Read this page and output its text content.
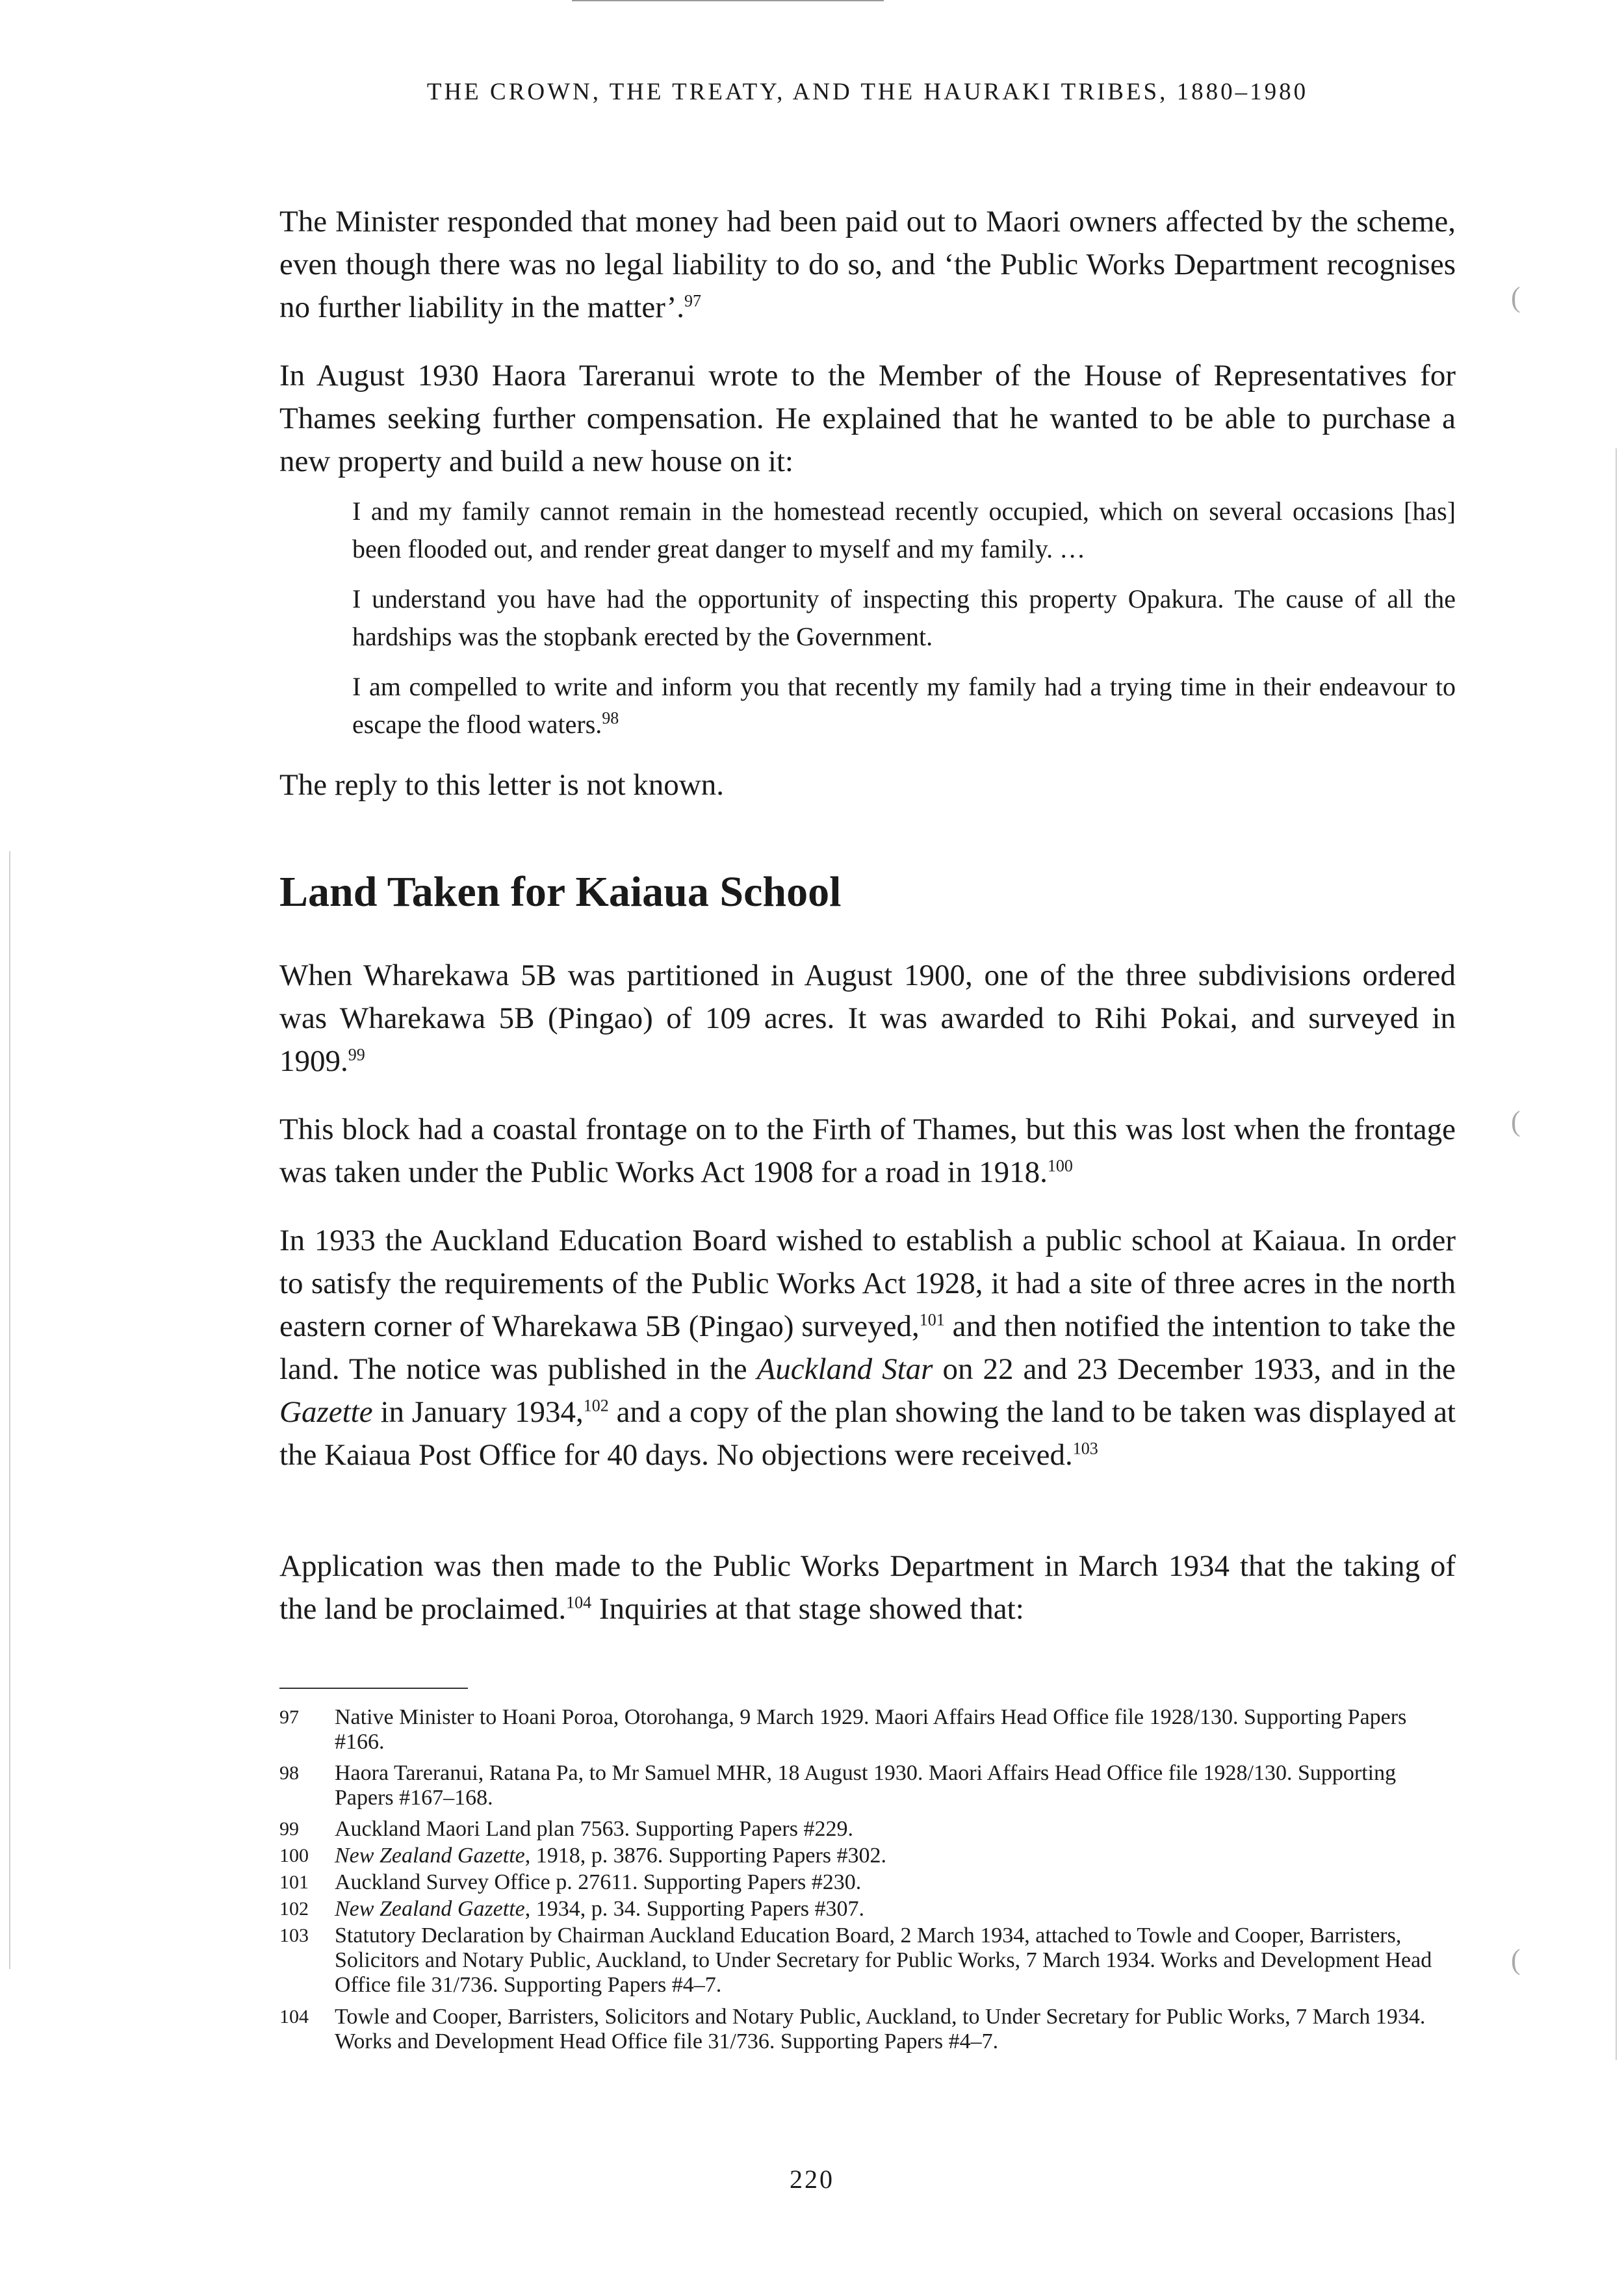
THE CROWN, THE TREATY, AND THE HAURAKI TRIBES, 1880–1980

The Minister responded that money had been paid out to Maori owners affected by the scheme, even though there was no legal liability to do so, and ‘the Public Works Department recognises no further liability in the matter’.$^{97}$

In August 1930 Haora Tareranui wrote to the Member of the House of Representatives for Thames seeking further compensation. He explained that he wanted to be able to purchase a new property and build a new house on it:

I and my family cannot remain in the homestead recently occupied, which on several occasions [has] been flooded out, and render great danger to myself and my family. …

I understand you have had the opportunity of inspecting this property Opakura. The cause of all the hardships was the stopbank erected by the Government.

I am compelled to write and inform you that recently my family had a trying time in their endeavour to escape the flood waters.$^{98}$

The reply to this letter is not known.

Land Taken for Kaiaua School

When Wharekawa 5B was partitioned in August 1900, one of the three subdivisions ordered was Wharekawa 5B (Pingao) of 109 acres. It was awarded to Rihi Pokai, and surveyed in 1909.99

This block had a coastal frontage on to the Firth of Thames, but this was lost when the frontage was taken under the Public Works Act 1908 for a road in 1918.$^{100}$

In 1933 the Auckland Education Board wished to establish a public school at Kaiaua. In order to satisfy the requirements of the Public Works Act 1928, it had a site of three acres in the north eastern corner of Wharekawa 5B (Pingao) surveyed,$^{101}$ and then notified the intention to take the land. The notice was published in the Auckland Star on 22 and 23 December 1933, and in the Gazette in January 1934,$^{102}$ and a copy of the plan showing the land to be taken was displayed at the Kaiaua Post Office for 40 days. No objections were received.$^{103}$

Application was then made to the Public Works Department in March 1934 that the taking of the land be proclaimed.$^{104}$ Inquiries at that stage showed that:

97	Native Minister to Hoani Poroa, Otorohanga, 9 March 1929. Maori Affairs Head Office file 1928/130. Supporting Papers #166.

98	Haora Tareranui, Ratana Pa, to Mr Samuel MHR, 18 August 1930. Maori Affairs Head Office file 1928/130. Supporting Papers #167–168.

99	Auckland Maori Land plan 7563. Supporting Papers #229.

100	New Zealand Gazette, 1918, p. 3876. Supporting Papers #302.

101	Auckland Survey Office p. 27611. Supporting Papers #230.

102	New Zealand Gazette, 1934, p. 34. Supporting Papers #307.

103	Statutory Declaration by Chairman Auckland Education Board, 2 March 1934, attached to Towle and Cooper, Barristers, Solicitors and Notary Public, Auckland, to Under Secretary for Public Works, 7 March 1934. Works and Development Head Office file 31/736. Supporting Papers #4–7.

104	Towle and Cooper, Barristers, Solicitors and Notary Public, Auckland, to Under Secretary for Public Works, 7 March 1934. Works and Development Head Office file 31/736. Supporting Papers #4–7.

220
(
(
(
